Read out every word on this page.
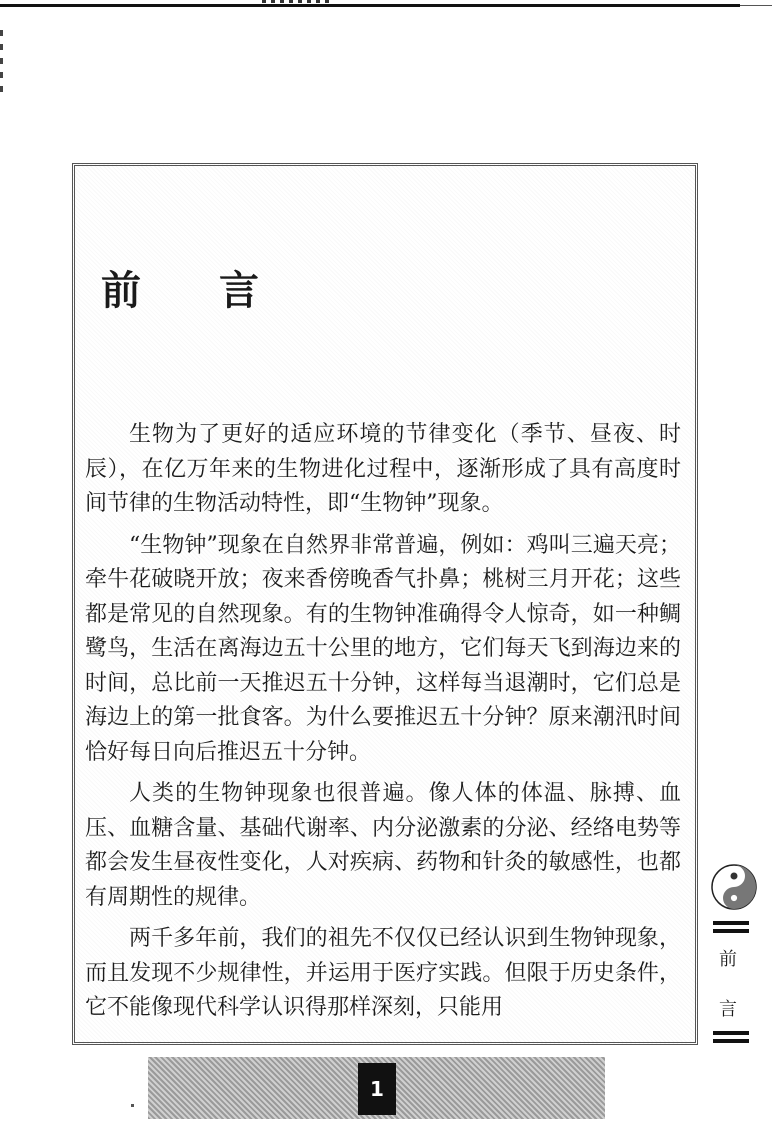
前言

生物为了更好的适应环境的节律变化（季节、昼夜、时辰），在亿万年来的生物进化过程中，逐渐形成了具有高度时间节律的生物活动特性，即“生物钟”现象。

“生物钟”现象在自然界非常普遍，例如：鸡叫三遍天亮；牵牛花破晓开放；夜来香傍晚香气扑鼻；桃树三月开花；这些都是常见的自然现象。有的生物钟准确得令人惊奇，如一种鲷鹭鸟，生活在离海边五十公里的地方，它们每天飞到海边来的时间，总比前一天推迟五十分钟，这样每当退潮时，它们总是海边上的第一批食客。为什么要推迟五十分钟？原来潮汛时间恰好每日向后推迟五十分钟。

人类的生物钟现象也很普遍。像人体的体温、脉搏、血压、血糖含量、基础代谢率、内分泌激素的分泌、经络电势等都会发生昼夜性变化，人对疾病、药物和针灸的敏感性，也都有周期性的规律。

两千多年前，我们的祖先不仅仅已经认识到生物钟现象，而且发现不少规律性，并运用于医疗实践。但限于历史条件，它不能像现代科学认识得那样深刻，只能用

1
前
言
